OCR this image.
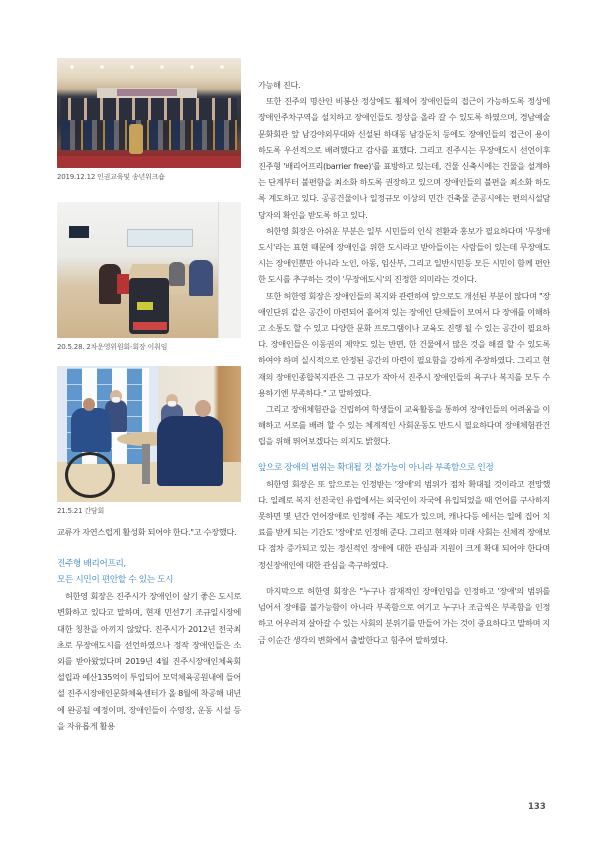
2019.12.12 인권교육및 송년워크숍
20.5.28. 2차운영위원회-회장 이취임
21.5.21 간담회

교류가 자연스럽게 활성화 되어야 한다."고 수장했다.

진주형 배리어프리,
모든 시민이 편안할 수 있는 도시

허한영 회장은 진주시가 장애인이 살기 좋은 도시로 변화하고 있다고 말하며, 현재 민선7기 조규일시장에 대한 칭찬을 아끼지 않았다. 진주시가 2012년 전국최초로 무장애도시를 선언하였으나 정작 장애인들은 소외를 받아왔었다며 2019년 4월 진주시장애인체육회 설립과 예산135억이 투입되어 모덕체육공원내에 들어설 진주시장애인문화체육센터가 올 8월에 착공해 내년에 완공될 예정이며, 장애인들이 수영장, 운동 시설 등을 자유롭게 활용

가능해 진다.

또한 진주의 명산인 비봉산 정상에도 휠체어 장애인들의 접근이 가능하도록 정상에 장애인주차구역을 설치하고 장애인들도 정상을 올라 갈 수 있도록 하였으며, 경남예술문화회관 앞 남강야외무대와 신설된 하대동 남강둔치 등에도 장애인들의 접근이 용이 하도록 우선적으로 배려했다고 감사를 표했다. 그리고 진주시는 무장애도시 선언이후 진주형 '배리어프리(barrier free)'를 표방하고 있는데, 건물 신축시에는 건물을 설계하는 단계부터 불편함을 최소화 하도록 권장하고 있으며 장애인들의 불편을 최소화 하도록 계도하고 있다. 공공건물이나 일정규모 이상의 민간 건축물 준공시에는 편의시설담당자의 확인을 받도록 하고 있다.

허한영 회장은 아쉬운 부분은 일부 시민들의 인식 전환과 홍보가 필요하다며 '무장애도시'라는 표현 때문에 장애인을 위한 도시라고 받아들이는 사람들이 있는데 무장애도시는 장애인뿐만 아니라 노인, 아동, 임산부, 그리고 일반시민등 모든 시민이 함께 편안한 도시를 추구하는 것이 '무장애도시'의 진정한 의미라는 것이다.

또한 허한영 회장은 장애인들의 복지와 관련하여 앞으로도 개선된 부분이 많다며 "장애인단위 같은 공간이 마련되어 흩어져 있는 장애인 단체들이 모여서 다 장애를 이해하고 소통도 할 수 있고 다양한 문화 프로그램이나 교육도 진행 될 수 있는 공간이 필요하다. 장애인들은 이동권의 제약도 있는 반면, 한 건물에서 많은 것을 해결 할 수 있도록 하여야 하며 실시적으로 안정된 공간의 마련이 필요함을 강하게 주장하였다. 그리고 현재의 장애인종합복지관은 그 규모가 작아서 진주시 장애인들의 욕구나 복지를 모두 수용하기엔 부족하다." 고 말하였다.

그리고 장애체험관을 건립하여 학생들이 교육활동을 통하여 장애인들의 어려움을 이해하고 서로를 배려 할 수 있는 체계적인 사회운동도 반드시 필요하다며 장애체험관건립을 위해 뛰어보겠다는 의지도 밝혔다.

앞으로 장애의 범위는 확대될 것 불가능이 아니라 부족함으로 인정

허한영 회장은 또 앞으로는 인정받는 '장애'의 범위가 점차 확대될 것이라고 전망했다. 일례로 복지 선진국인 유럽에서는 외국인이 자국에 유입되었을 때 언어를 구사하지 못하면 몇 년간 언어장애로 인정해 주는 제도가 있으며, 캐나다등 에서는 일에 집어 치료를 받게 되는 기간도 '장애'로 인정해 준다. 그리고 현재와 미래 사회는 신체적 장애보다 점차 증가되고 있는 정신적인 장애에 대한 관심과 지원이 크게 확대 되어야 한다며 정신장애인에 대한 관심을 촉구하였다.

마지막으로 허한영 회장은 "누구나 잠재적인 장애인임을 인정하고 '장애'의 범위를 넘어서 장애를 불가능함이 아니라 부족함으로 여기고 누구나 조금씩은 부족함을 인정하고 어우러져 살아갈 수 있는 사회의 분위기를 만들어 가는 것이 중요하다고 말하며 지금 이순간 생각의 변화에서 출발한다고 힘주어 말하였다.

133
